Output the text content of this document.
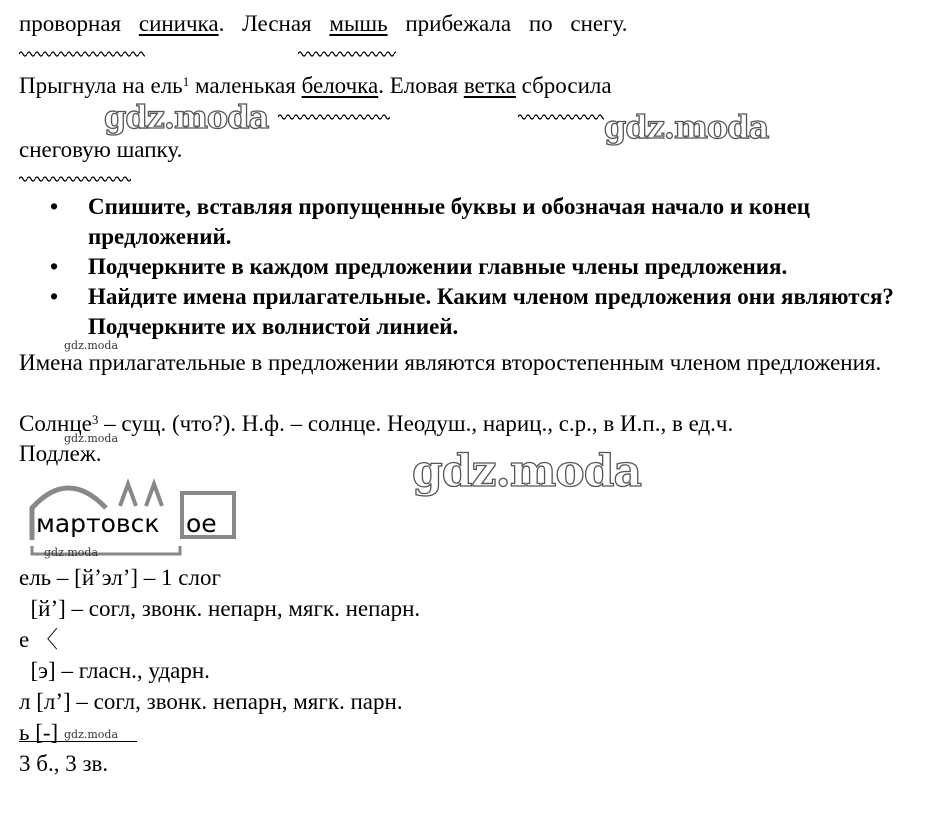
проворная синичка. Лесная мышь прибежала по снегу.
Прыгнула на ель$^1$ маленькая белочка. Еловая ветка сбросила
снеговую шапку.
• Спишите, вставляя пропущенные буквы и обозначая начало и конец предложений.
• Подчеркните в каждом предложении главные члены предложения.
• Найдите имена прилагательные. Каким членом предложения они являются? Подчеркните их волнистой линией.
Имена прилагательные в предложении являются второстепенным членом предложения.
Солнце$^3$ – сущ. (что?). Н.ф. – солнце. Неодуш., нариц., с.р., в И.п., в ед.ч.
Подлеж.
мартовск ое
ель – [й’эл’] – 1 слог
[й’] – согл, звонк. непарн, мягк. непарн.
е 〈
[э] – гласн., ударн.
л [л’] – согл, звонк. непарн, мягк. парн.
ь [-]
3 б., 3 зв.
gdz.moda	gdz.moda
gdz.moda
gdz.moda
gdz.moda
gdz.moda
gdz.moda
